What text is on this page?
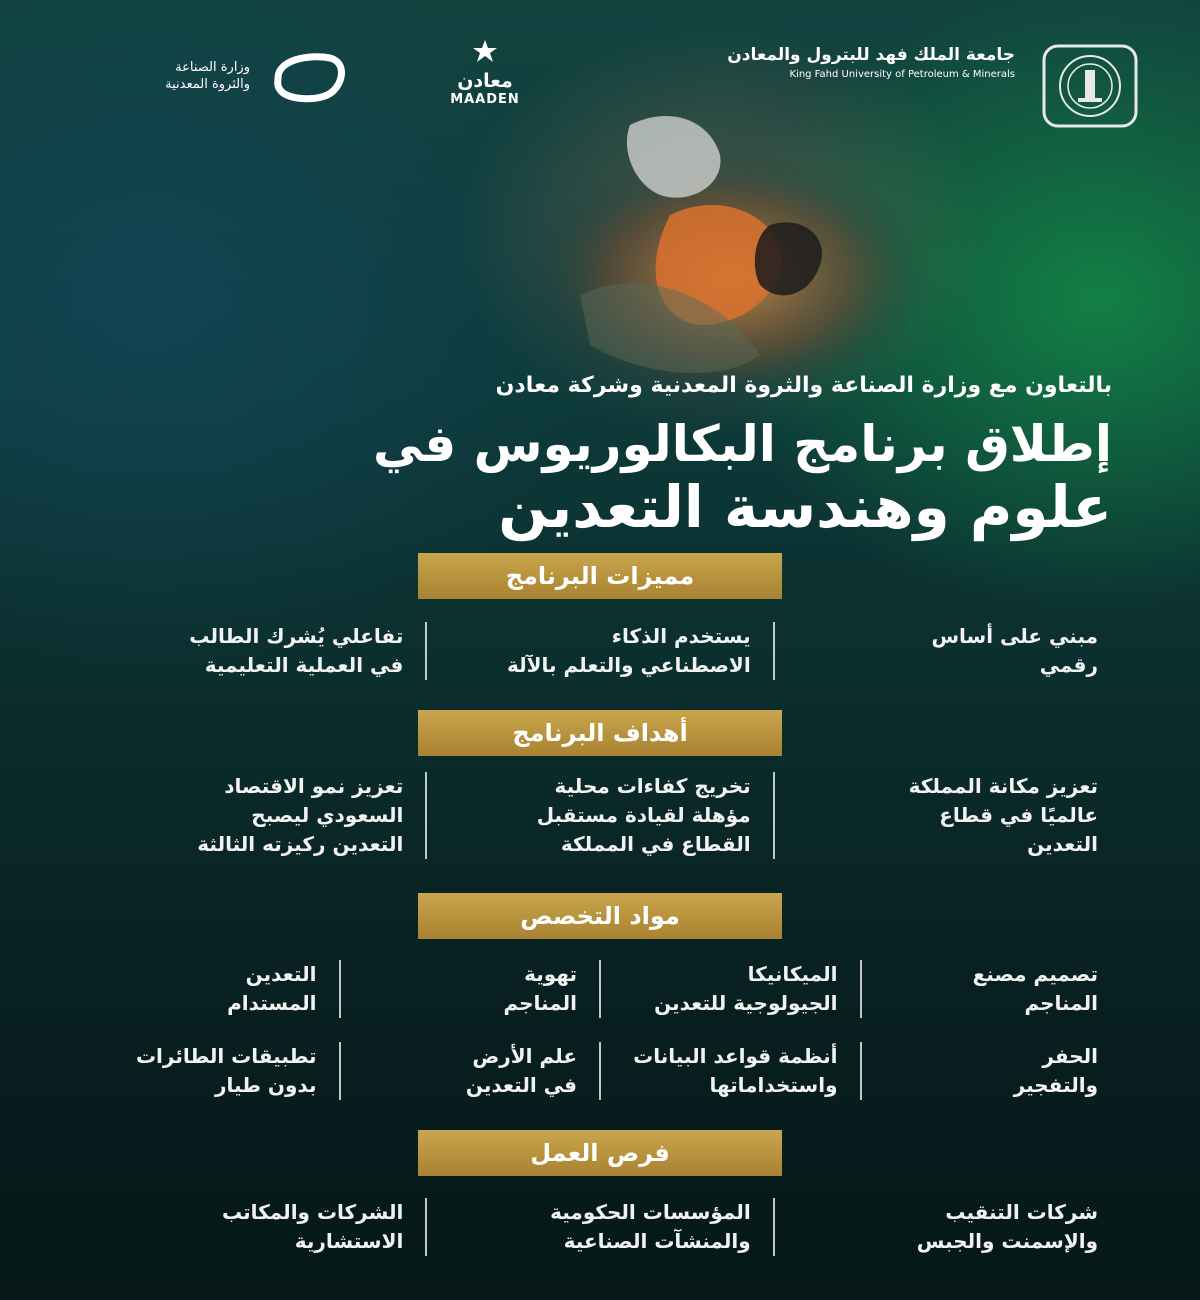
جامعة الملك فهد للبترول والمعادن
King Fahd University of Petroleum & Minerals
معادن
MAADEN
وزارة الصناعة
والثروة المعدنية
بالتعاون مع وزارة الصناعة والثروة المعدنية وشركة معادن
إطلاق برنامج البكالوريوس في
علوم وهندسة التعدين
مميزات البرنامج
مبني على أساس
رقمي
يستخدم الذكاء
الاصطناعي والتعلم بالآلة
تفاعلي يُشرك الطالب
في العملية التعليمية
أهداف البرنامج
تعزيز مكانة المملكة
عالميًا في قطاع
التعدين
تخريج كفاءات محلية
مؤهلة لقيادة مستقبل
القطاع في المملكة
تعزيز نمو الاقتصاد
السعودي ليصبح
التعدين ركيزته الثالثة
مواد التخصص
تصميم مصنع
المناجم
الميكانيكا
الجيولوجية للتعدين
تهوية
المناجم
التعدين
المستدام
الحفر
والتفجير
أنظمة قواعد البيانات
واستخداماتها
علم الأرض
في التعدين
تطبيقات الطائرات
بدون طيار
فرص العمل
شركات التنقيب
والإسمنت والجبس
المؤسسات الحكومية
والمنشآت الصناعية
الشركات والمكاتب
الاستشارية
